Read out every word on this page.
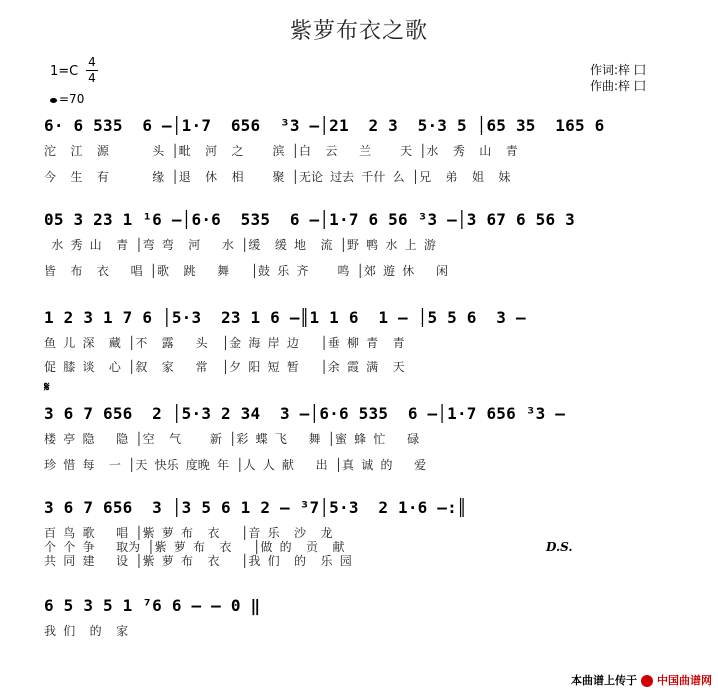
紫萝布衣之歌
1=C
4
4
=70
作词:梓 囗
作曲:梓 囗
6· 6 535  6 –│1·7  656  ³3 –│21  2 3  5·3 5 │65 35  165 6
沱  江  源      头 │毗  河  之    滨 │白  云   兰    天 │水  秀  山  青
今  生  有      缘 │退  休  相    聚 │无论 过去 千什 么 │兄  弟  姐  妹
05 3 23 1 ¹6 –│6·6  535  6 –│1·7 6 56 ³3 –│3 67 6 56 3
水 秀 山  青 │弯 弯  河   水 │缓  缓 地  流 │野 鸭 水 上 游
皆  布  衣   唱 │歌  跳   舞   │鼓 乐 齐    鸣 │郊 遊 休   闲
1 2 3 1 7 6 │5·3  23 1 6 –║1 1 6  1 – │5 5 6  3 –
鱼 儿 深  藏 │不  露   头  │金 海 岸 边   │垂 柳 青  青
促 膝 谈  心 │叙  家   常  │夕 阳 短 暂   │余 霞 满  天
𝄋
3 6 7 656  2 │5·3 2 34  3 –│6·6 535  6 –│1·7 656 ³3 –
楼 亭 隐   隐 │空  气    新 │彩 蝶 飞   舞 │蜜 蜂 忙   碌
珍 惜 每  一 │天 快乐 度晚 年 │人 人 献   出 │真 诚 的   爱
3 6 7 656  3 │3 5 6 1 2 – ³7│5·3  2 1·6 –:║
百 鸟 歌   唱 │紫 萝 布  衣   │音 乐  沙  龙
个 个 争   取为 │紫 萝 布  衣   │做 的  贡  献
共 同 建   设 │紫 萝 布  衣   │我 们  的  乐 园
D.S.
6 5 3 5 1 ⁷6 6 – – 0 ‖
我 们  的  家
本曲谱上传于 中国曲谱网
